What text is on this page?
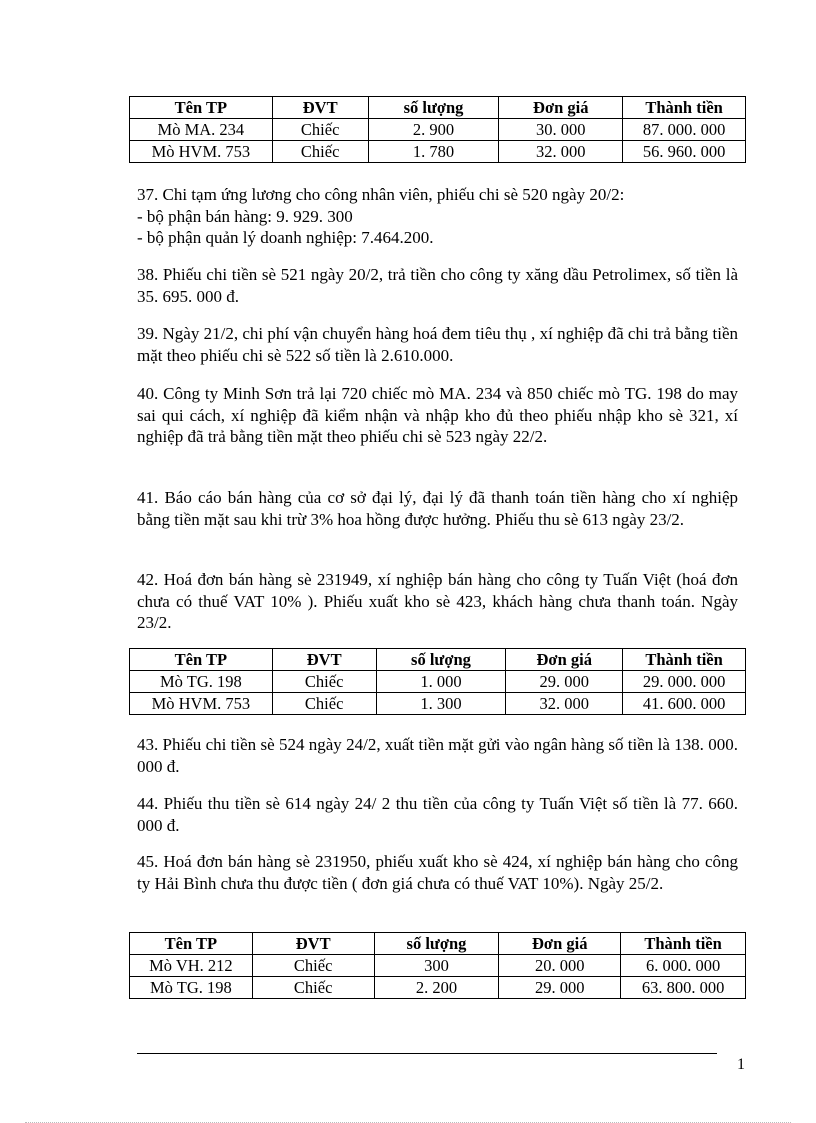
Tên TP	ĐVT	số lượng	Đơn giá	Thành tiền
Mò MA. 234	Chiếc	2. 900	30. 000	87. 000. 000
Mò HVM. 753	Chiếc	1. 780	32. 000	56. 960. 000

37. Chi tạm ứng lương cho công nhân viên, phiếu chi sè 520 ngày 20/2:
- bộ phận bán hàng: 9. 929. 300
- bộ phận quản lý doanh nghiệp: 7.464.200.

38. Phiếu chi tiền sè 521 ngày 20/2, trả tiền cho công ty xăng dầu Petrolimex, số tiền là 35. 695. 000 đ.

39. Ngày 21/2, chi phí vận chuyển hàng hoá đem tiêu thụ , xí nghiệp đã chi trả bằng tiền mặt theo phiếu chi sè 522 số tiền là 2.610.000.

40. Công ty Minh Sơn trả lại 720 chiếc mò MA. 234 và 850 chiếc mò TG. 198 do may sai qui cách, xí nghiệp đã kiểm nhận và nhập kho đủ theo phiếu nhập kho sè 321, xí nghiệp đã trả bằng tiền mặt theo phiếu chi sè 523 ngày 22/2.

41. Báo cáo bán hàng của cơ sở đại lý, đại lý đã thanh toán tiền hàng cho xí nghiệp bằng tiền mặt sau khi trừ 3% hoa hồng được hưởng. Phiếu thu sè 613 ngày 23/2.

42. Hoá đơn bán hàng sè 231949, xí nghiệp bán hàng cho công ty Tuấn Việt (hoá đơn chưa có thuế VAT 10% ). Phiếu xuất kho sè 423, khách hàng chưa thanh toán. Ngày 23/2.

Tên TP	ĐVT	số lượng	Đơn giá	Thành tiền
Mò TG. 198	Chiếc	1. 000	29. 000	29. 000. 000
Mò HVM. 753	Chiếc	1. 300	32. 000	41. 600. 000

43. Phiếu chi tiền sè 524 ngày 24/2, xuất tiền mặt gửi vào ngân hàng số tiền là 138. 000. 000 đ.

44. Phiếu thu tiền sè 614 ngày 24/ 2 thu tiền của công ty Tuấn Việt số tiền là 77. 660. 000 đ.

45. Hoá đơn bán hàng sè 231950, phiếu xuất kho sè 424, xí nghiệp bán hàng cho công ty Hải Bình chưa thu được tiền ( đơn giá chưa có thuế VAT 10%). Ngày 25/2.

Tên TP	ĐVT	số lượng	Đơn giá	Thành tiền
Mò VH. 212	Chiếc	300	20. 000	6. 000. 000
Mò TG. 198	Chiếc	2. 200	29. 000	63. 800. 000
1
